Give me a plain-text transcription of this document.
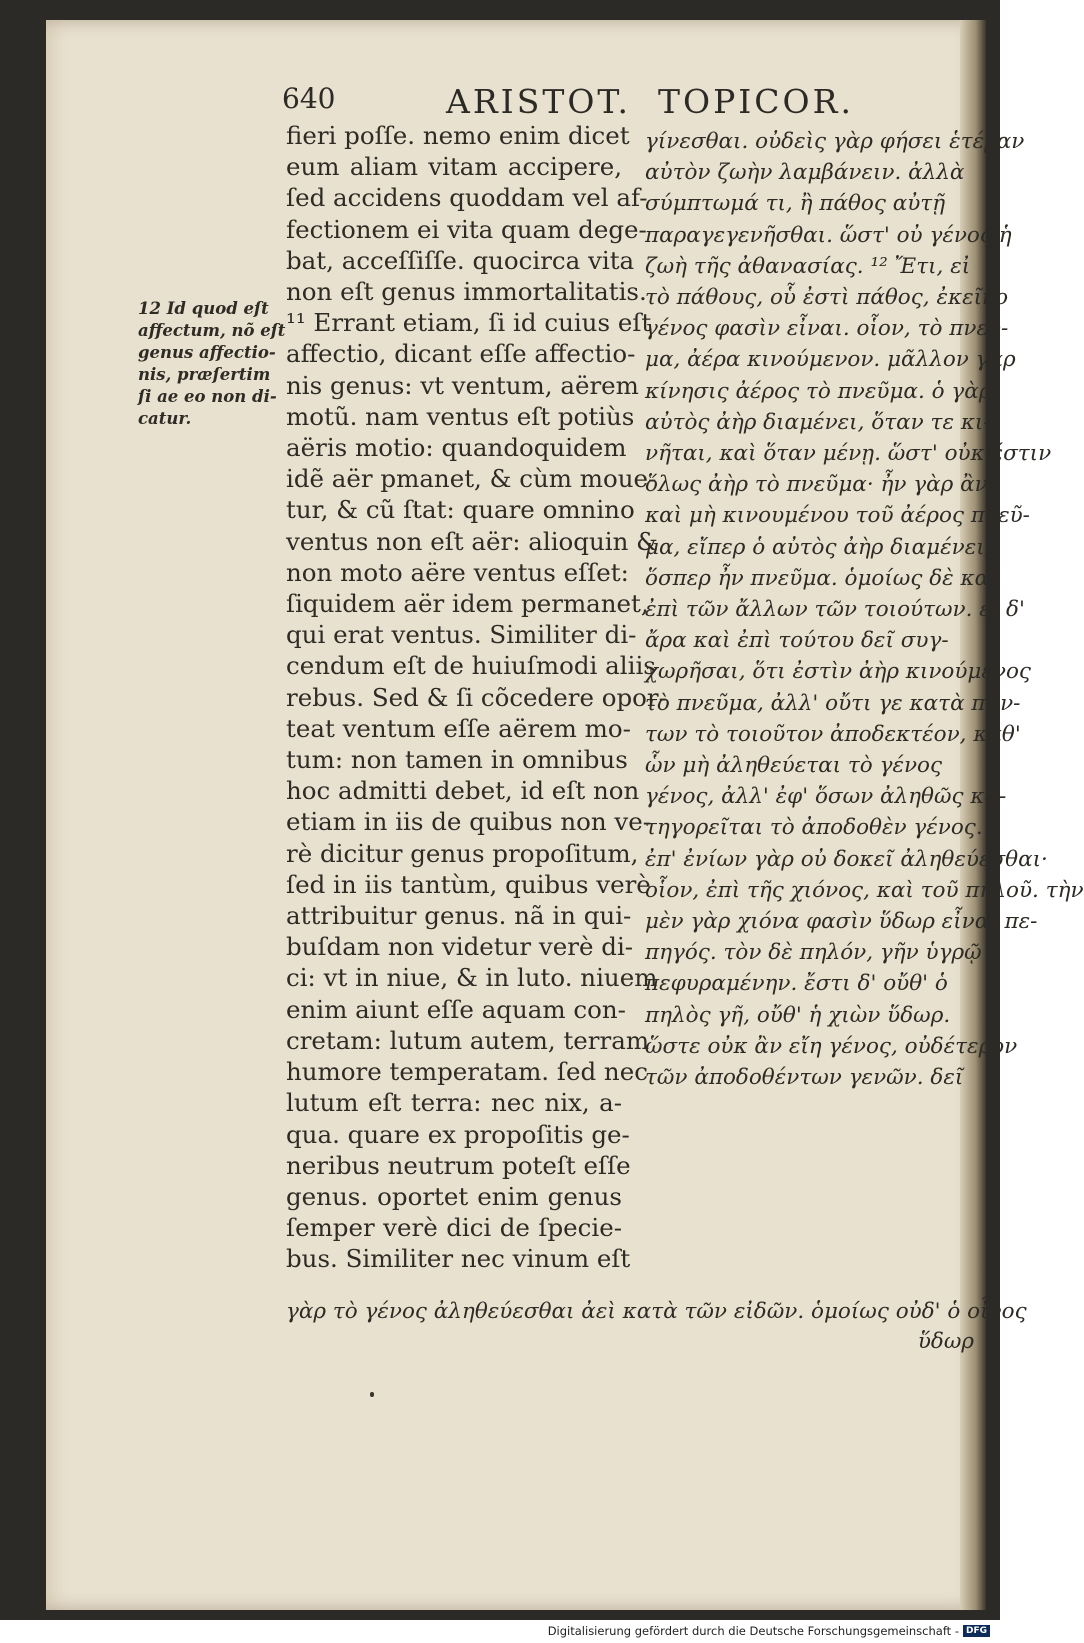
640	ARISTOT. TOPICOR.
12 Id quod eſt
affectum, nõ eſt
genus affectio-
nis, præſertim
ſi ae eo non di-
catur.
fieri poſſe. nemo enim dicet
eum aliam vitam accipere,
ſed accidens quoddam vel af-
fectionem ei vita quam dege-
bat, acceſſiſſe. quocirca vita
non eſt genus immortalitatis.
¹¹ Errant etiam, ſi id cuius eſt
affectio, dicant eſſe affectio-
nis genus: vt ventum, aërem
motũ. nam ventus eſt potiùs
aëris motio: quandoquidem
idẽ aër pmanet, & cùm moue-
tur, & cũ ſtat: quare omnino
ventus non eſt aër: alioquin &
non moto aëre ventus eſſet:
ſiquidem aër idem permanet,
qui erat ventus. Similiter di-
cendum eſt de huiuſmodi aliis
rebus. Sed & ſi cõcedere opor-
teat ventum eſſe aërem mo-
tum: non tamen in omnibus
hoc admitti debet, id eſt non
etiam in iis de quibus non ve-
rè dicitur genus propoſitum,
ſed in iis tantùm, quibus verè
attribuitur genus. nã in qui-
buſdam non videtur verè di-
ci: vt in niue, & in luto. niuem
enim aiunt eſſe aquam con-
cretam: lutum autem, terram
humore temperatam. ſed nec
lutum eſt terra: nec nix, a-
qua. quare ex propoſitis ge-
neribus neutrum poteſt eſſe
genus. oportet enim genus
ſemper verè dici de ſpecie-
bus. Similiter nec vinum eſt
γίνεσθαι. οὐδεὶς γὰρ φήσει ἑτέραν
αὐτὸν ζωὴν λαμβάνειν. ἀλλὰ
σύμπτωμά τι, ἢ πάθος αὐτῇ
παραγεγενῆσθαι. ὥστ' οὐ γένος ἡ
ζωὴ τῆς ἀθανασίας. ¹² Ἔτι, εἰ
τὸ πάθους, οὗ ἐστὶ πάθος, ἐκεῖνο
γένος φασὶν εἶναι. οἷον, τὸ πνεῦ-
μα, ἀέρα κινούμενον. μᾶλλον γὰρ
κίνησις ἀέρος τὸ πνεῦμα. ὁ γὰρ
αὐτὸς ἀὴρ διαμένει, ὅταν τε κι-
νῆται, καὶ ὅταν μένῃ. ὥστ' οὐκ ἔστιν
ὅλως ἀὴρ τὸ πνεῦμα· ἦν γὰρ ἂν
καὶ μὴ κινουμένου τοῦ ἀέρος πνεῦ-
μα, εἴπερ ὁ αὐτὸς ἀὴρ διαμένει,
ὅσπερ ἦν πνεῦμα. ὁμοίως δὲ καὶ
ἐπὶ τῶν ἄλλων τῶν τοιούτων. εἰ δ'
ἄρα καὶ ἐπὶ τούτου δεῖ συγ-
χωρῆσαι, ὅτι ἐστὶν ἀὴρ κινούμενος
τὸ πνεῦμα, ἀλλ' οὔτι γε κατὰ πάν-
των τὸ τοιοῦτον ἀποδεκτέον, καθ'
ὧν μὴ ἀληθεύεται τὸ γένος
γένος, ἀλλ' ἐφ' ὅσων ἀληθῶς κα-
τηγορεῖται τὸ ἀποδοθὲν γένος.
ἐπ' ἐνίων γὰρ οὐ δοκεῖ ἀληθεύεσθαι·
οἷον, ἐπὶ τῆς χιόνος, καὶ τοῦ πηλοῦ. τὴν
μὲν γὰρ χιόνα φασὶν ὕδωρ εἶναι πε-
πηγός. τὸν δὲ πηλόν, γῆν ὑγρῷ
πεφυραμένην. ἔστι δ' οὔθ' ὁ
πηλὸς γῆ, οὔθ' ἡ χιὼν ὕδωρ.
ὥστε οὐκ ἂν εἴη γένος, οὐδέτερον
τῶν ἀποδοθέντων γενῶν. δεῖ
γὰρ τὸ γένος ἀληθεύεσθαι ἀεὶ κατὰ τῶν εἰδῶν. ὁμοίως οὐδ' ὁ οἶνος
ὕδωρ
Digitalisierung gefördert durch die Deutsche Forschungsgemeinschaft - DFG
